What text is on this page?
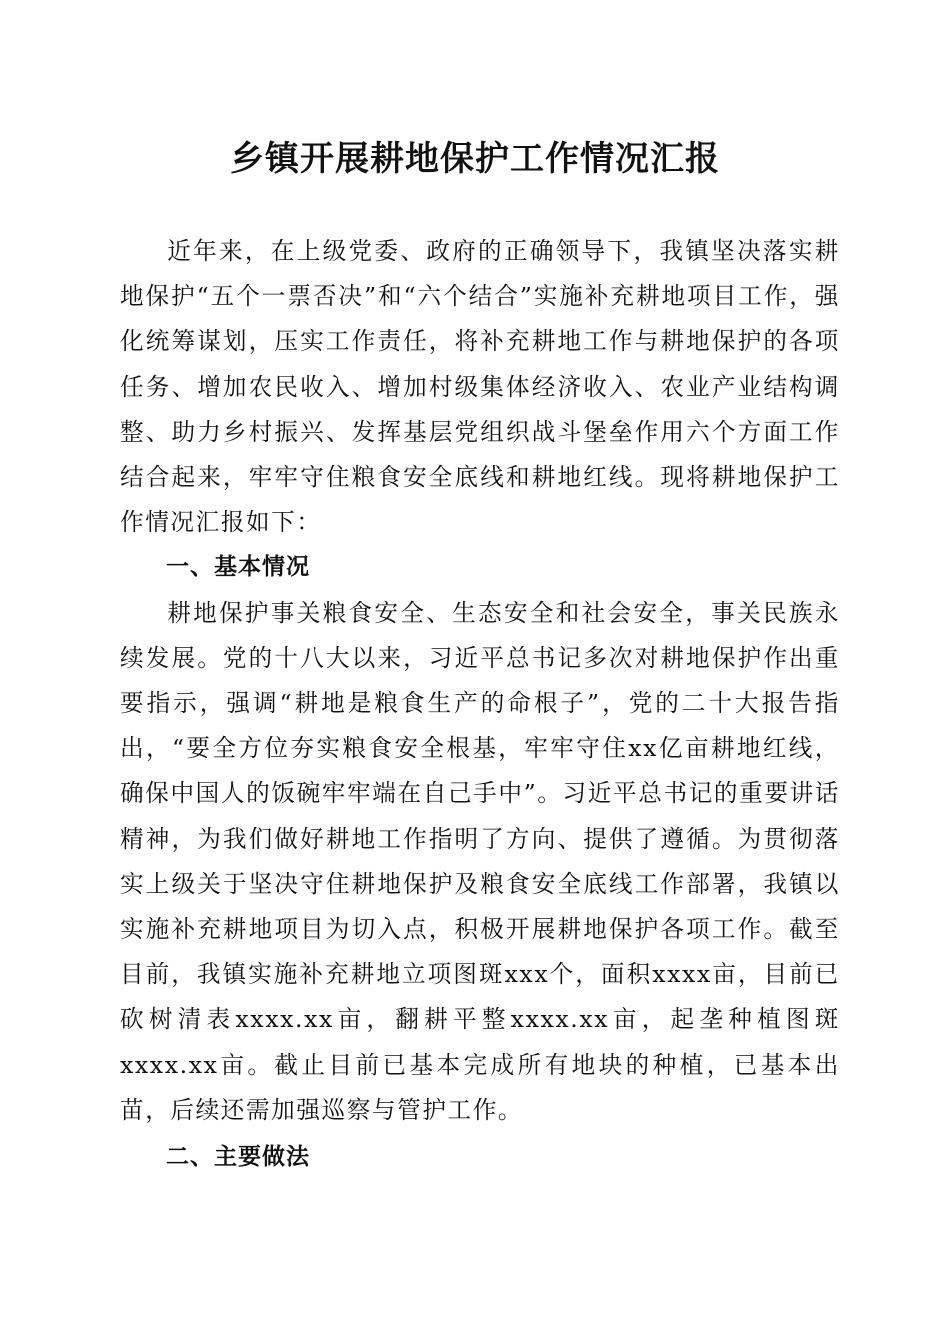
乡镇开展耕地保护工作情况汇报

近年来，在上级党委、政府的正确领导下，我镇坚决落实耕地保护“五个一票否决”和“六个结合”实施补充耕地项目工作，强化统筹谋划，压实工作责任，将补充耕地工作与耕地保护的各项任务、增加农民收入、增加村级集体经济收入、农业产业结构调整、助力乡村振兴、发挥基层党组织战斗堡垒作用六个方面工作结合起来，牢牢守住粮食安全底线和耕地红线。现将耕地保护工作情况汇报如下：

一、基本情况

耕地保护事关粮食安全、生态安全和社会安全，事关民族永续发展。党的十八大以来，习近平总书记多次对耕地保护作出重要指示，强调“耕地是粮食生产的命根子”，党的二十大报告指出，“要全方位夯实粮食安全根基，牢牢守住xx亿亩耕地红线，确保中国人的饭碗牢牢端在自己手中”。习近平总书记的重要讲话精神，为我们做好耕地工作指明了方向、提供了遵循。为贯彻落实上级关于坚决守住耕地保护及粮食安全底线工作部署，我镇以实施补充耕地项目为切入点，积极开展耕地保护各项工作。截至目前，我镇实施补充耕地立项图斑xxx个，面积xxxx亩，目前已砍树清表xxxx.xx亩，翻耕平整xxxx.xx亩，起垄种植图斑xxxx.xx亩。截止目前已基本完成所有地块的种植，已基本出苗，后续还需加强巡察与管护工作。

二、主要做法
